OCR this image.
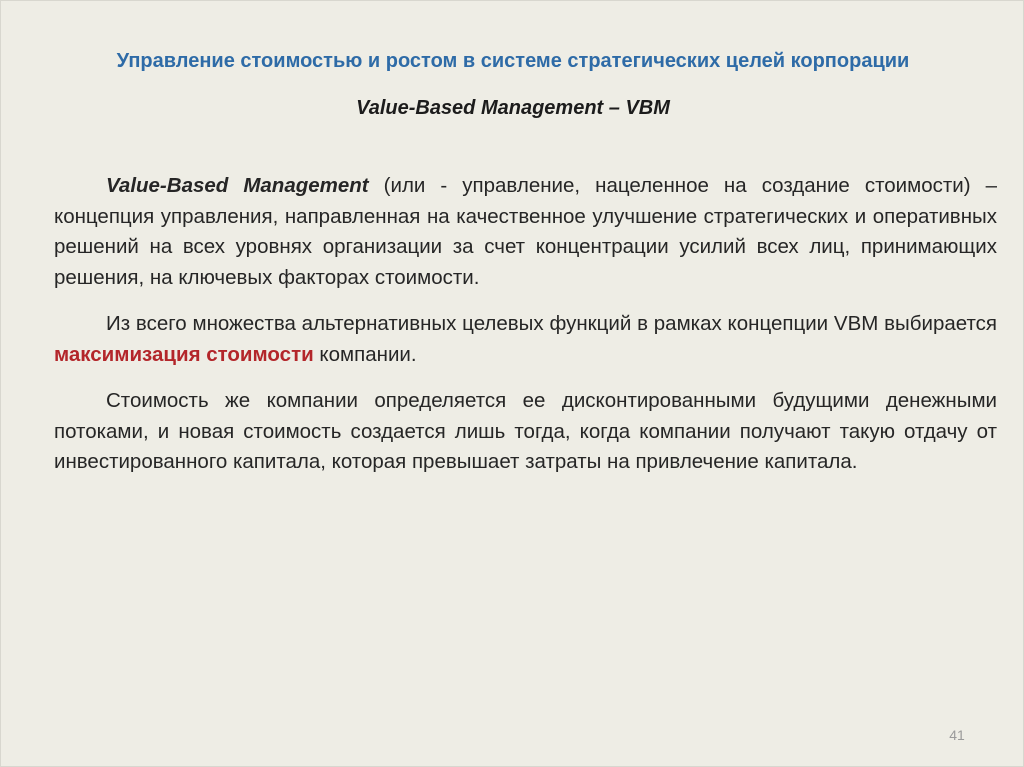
Управление стоимостью и ростом в системе стратегических целей корпорации
Value-Based Management – VBM

Value-Based Management (или - управление, нацеленное на создание стоимости) – концепция управления, направленная на качественное улучшение стратегических и оперативных решений на всех уровнях организации за счет концентрации усилий всех лиц, принимающих решения, на ключевых факторах стоимости.

Из всего множества альтернативных целевых функций в рамках концепции VBM выбирается максимизация стоимости компании.

Стоимость же компании определяется ее дисконтированными будущими денежными потоками, и новая стоимость создается лишь тогда, когда компании получают такую отдачу от инвестированного капитала, которая превышает затраты на привлечение капитала.

41
